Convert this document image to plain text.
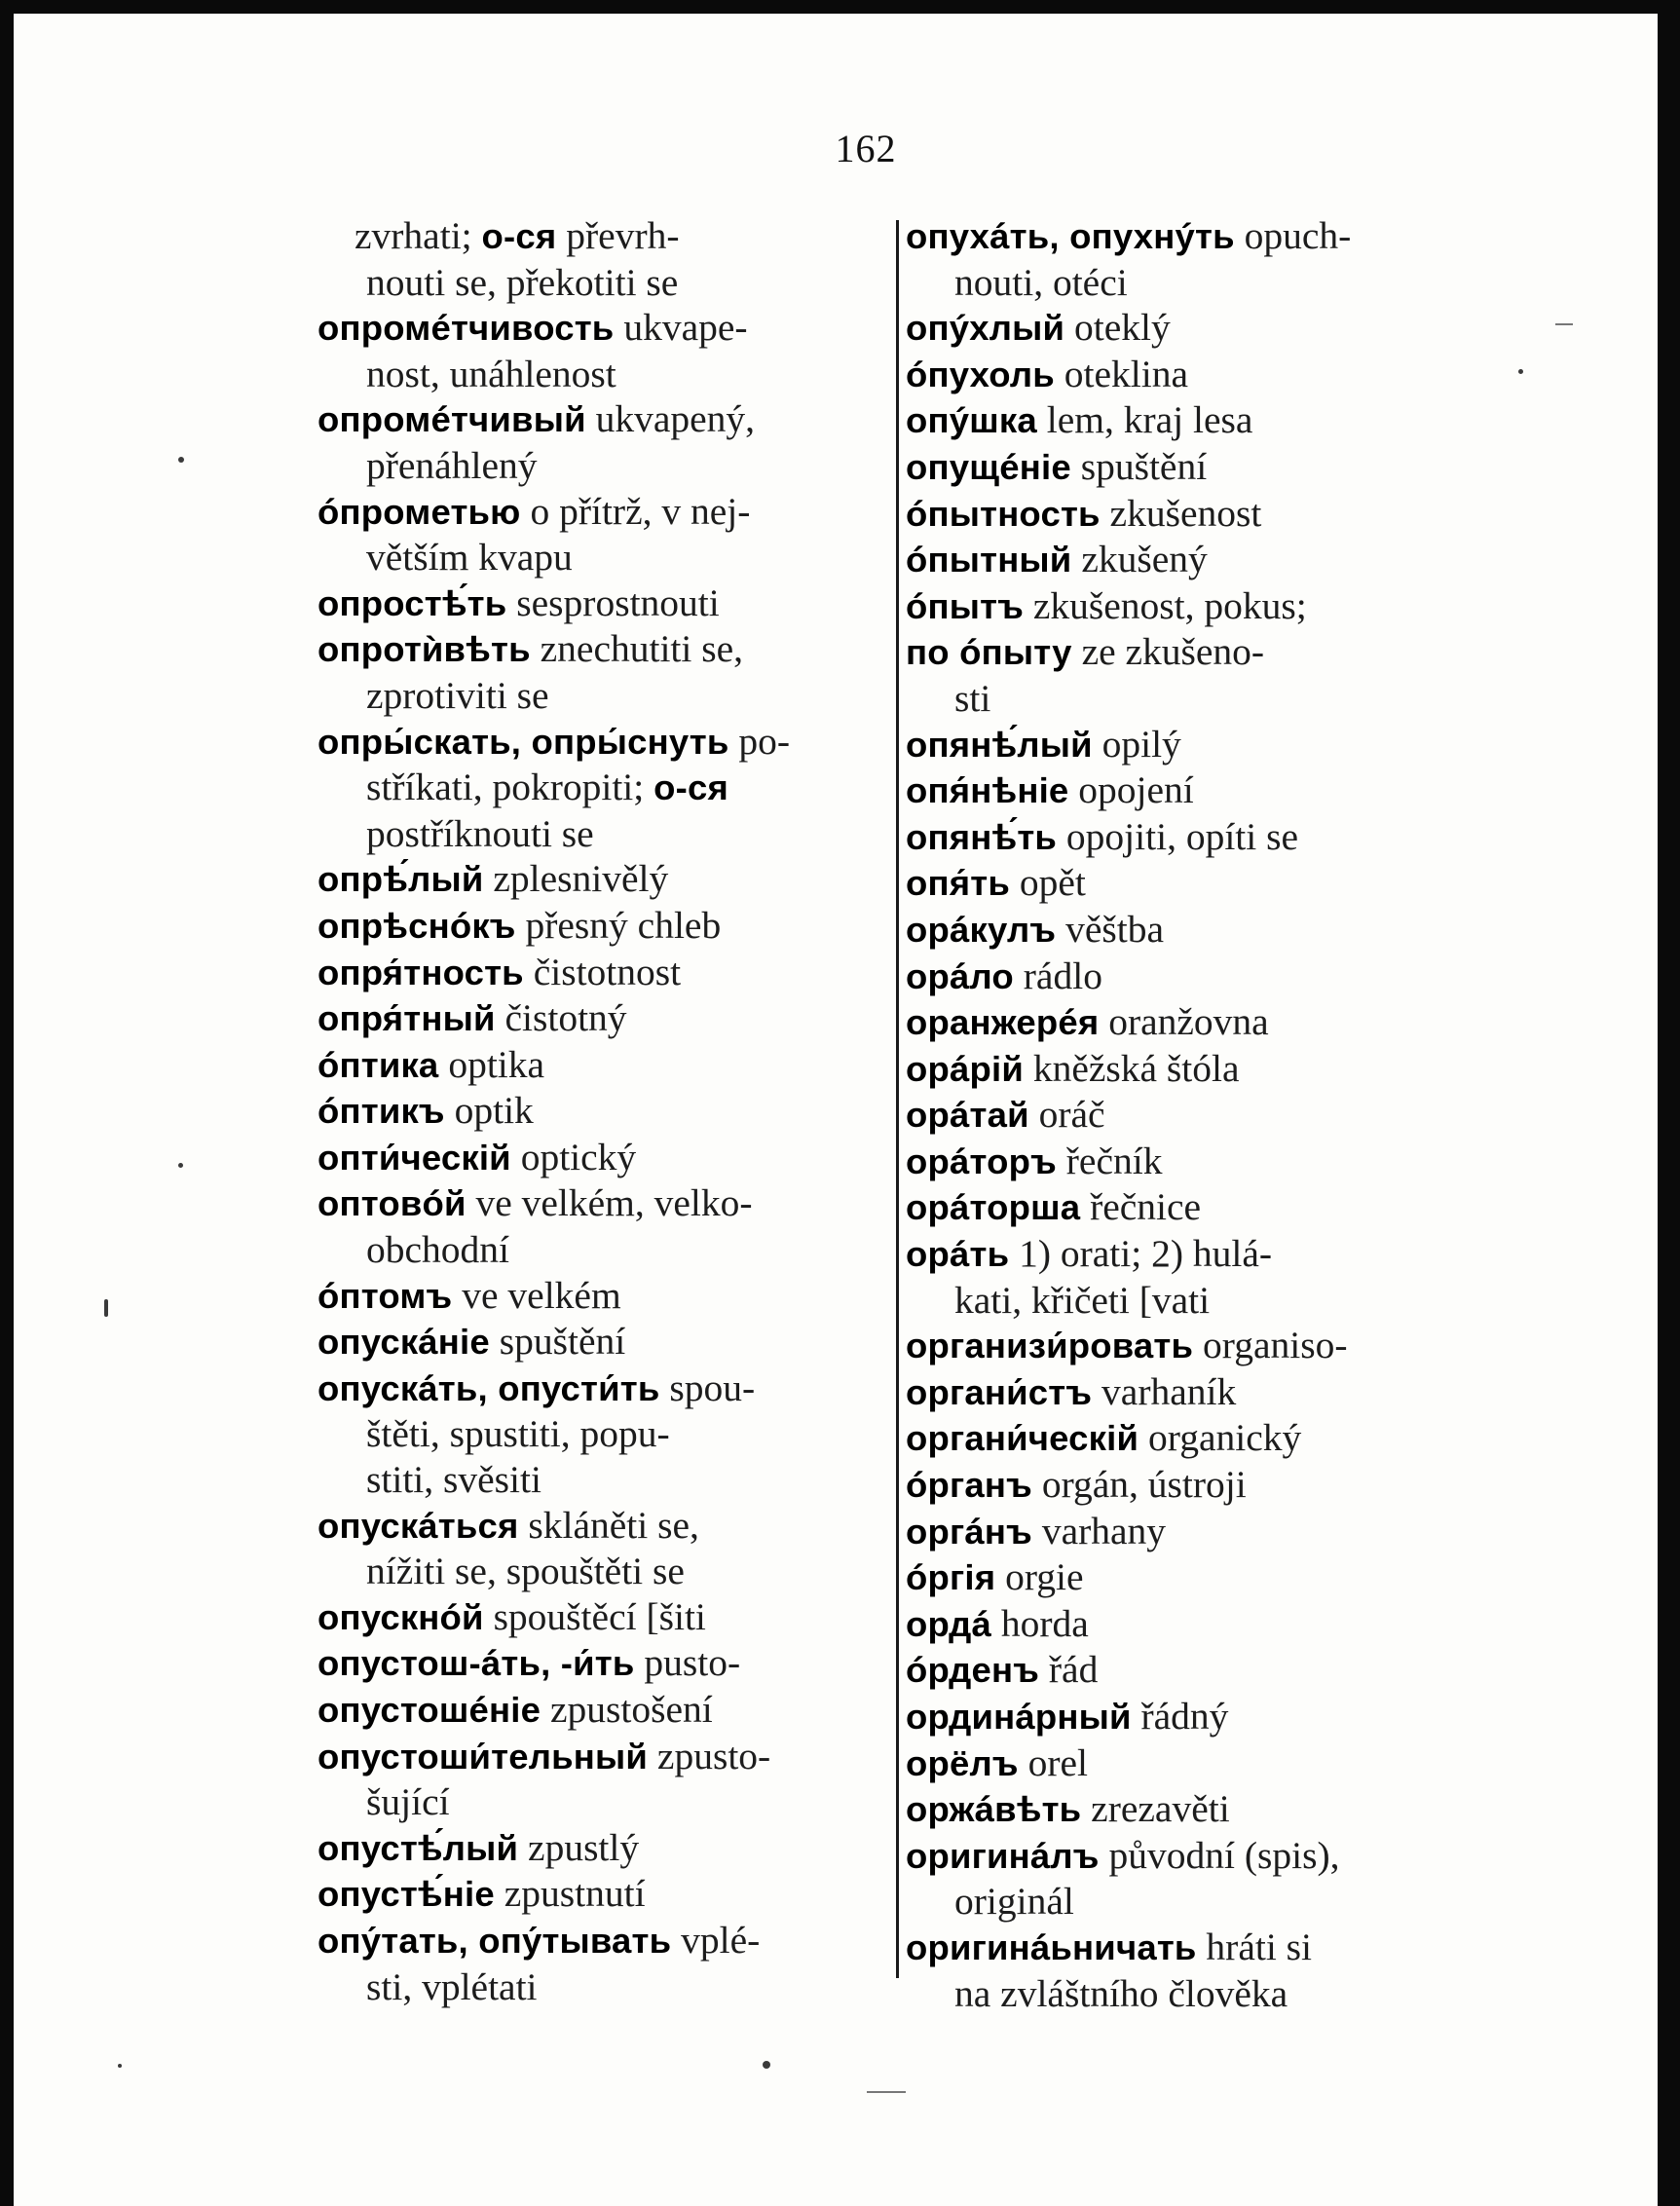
162
zvrhati; о-ся převrh-
nouti se, překotiti se
опромéтчивость ukvape-
nost, unáhlenost
опромéтчивый ukvapený,
přenáhlený
óпрометью o přítrž, v nej-
větším kvapu
опростѣ́ть sesprostnouti
опротѝвѣть znechutiti se,
zprotiviti se
опры́скать, опры́снуть po-
stříkati, pokropiti; о-ся
postříknouti se
опрѣ́лый zplesnivělý
опрѣснóкъ přesný chleb
опря́тность čistotnost
опря́тный čistotný
óптика optika
óптикъ optik
опти́ческій optický
оптовóй ve velkém, velko-
obchodní
óптомъ ve velkém
опускáніе spuštění
опускáть, опусти́ть spou-
štěti, spustiti, popu-
stiti, svěsiti
опускáться skláněti se,
nížiti se, spouštěti se
опускнóй spouštěcí [šiti
опустош-áть, -и́ть pusto-
опустошéніе zpustošení
опустоши́тельный zpusto-
šující
опустѣ́лый zpustlý
опустѣ́ніе zpustnutí
опу́тать, опу́тывать vplé-
sti, vplétati
опухáть, опухнýть opuch-
nouti, otéci
опýхлый oteklý
óпухоль oteklina
опýшка lem, kraj lesa
опущéніе spuštění
óпытность zkušenost
óпытный zkušený
óпытъ zkušenost, pokus;
по óпыту ze zkušeno-
sti
опянѣ́лый opilý
опя́нѣніе opojení
опянѣ́ть opojiti, opíti se
опя́ть opět
орáкулъ věštba
орáло rádlo
оранжерéя oranžovna
орáрій kněžská štóla
орáтай oráč
орáторъ řečník
орáторша řečnice
орáть 1) orati; 2) hulá-
kati, křičeti [vati
организи́ровать organiso-
органи́стъ varhaník
органи́ческій organický
óрганъ orgán, ústroji
оргáнъ varhany
óргія orgie
ордá horda
óрденъ řád
ординáрный řádný
орёлъ orel
оржáвѣть zrezavěti
оригинáлъ původní (spis),
originál
оригинáьничать hráti si
na zvláštního člověka
